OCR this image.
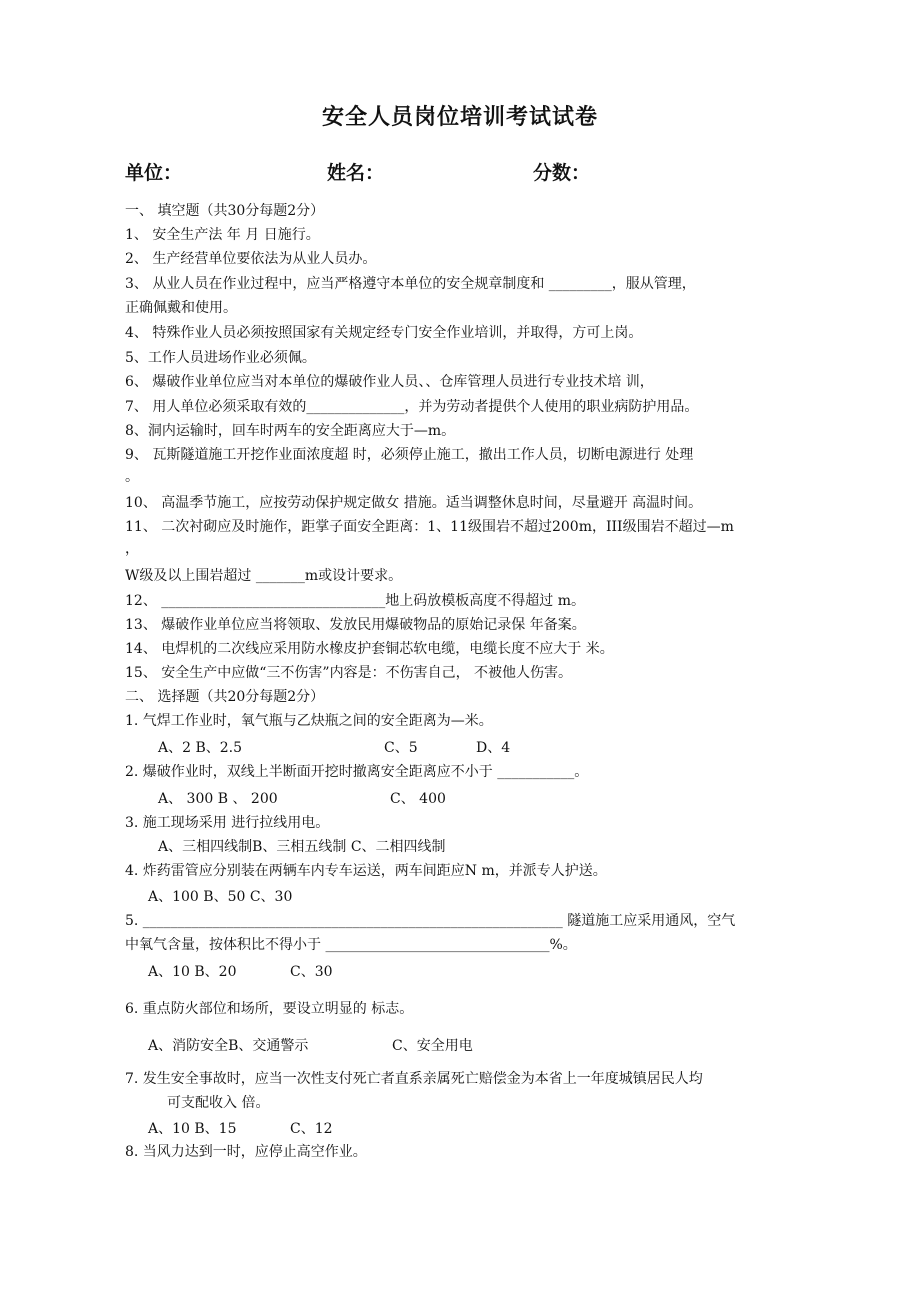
安全人员岗位培训考试试卷
单位：	姓名：	分数：
一、 填空题（共30分每题2分）
1、 安全生产法 年 月 日施行。
2、 生产经营单位要依法为从业人员办。
3、 从业人员在作业过程中，应当严格遵守本单位的安全规章制度和 _________，服从管理，
正确佩戴和使用。
4、 特殊作业人员必须按照国家有关规定经专门安全作业培训，并取得，方可上岗。
5、工作人员进场作业必须佩。
6、 爆破作业单位应当对本单位的爆破作业人员、、仓库管理人员进行专业技术培 训，
7、 用人单位必须采取有效的______________，并为劳动者提供个人使用的职业病防护用品。
8、洞内运输时，回车时两车的安全距离应大于—m。
9、 瓦斯隧道施工开挖作业面浓度超 时，必须停止施工，撤出工作人员，切断电源进行 处理
。
10、 高温季节施工，应按劳动保护规定做女 措施。适当调整休息时间，尽量避开 高温时间。
11、 二次衬砌应及时施作，距掌子面安全距离：1、11级围岩不超过200m，III级围岩不超过—m
，
W级及以上围岩超过 _______m或设计要求。
12、 ________________________________地上码放模板高度不得超过 m。
13、 爆破作业单位应当将领取、发放民用爆破物品的原始记录保 年备案。
14、 电焊机的二次线应采用防水橡皮护套铜芯软电缆，电缆长度不应大于 米。
15、 安全生产中应做“三不伤害”内容是：不伤害自己， 不被他人伤害。
二、 选择题（共20分每题2分）
1. 气焊工作业时，氧气瓶与乙炔瓶之间的安全距离为—米。
A、2 B、2.5	C、5	D、4
2. 爆破作业时，双线上半断面开挖时撤离安全距离应不小于 ___________。
A、 300 B 、 200	C、 400
3. 施工现场采用 进行拉线用电。
A、三相四线制B、三相五线制 C、二相四线制
4. 炸药雷管应分别装在两辆车内专车运送，两车间距应N m，并派专人护送。
A、100 B、50 C、30
5. ____________________________________________________________ 隧道施工应采用通风，空气
中氧气含量，按体积比不得小于 ________________________________%。
A、10 B、20	C、30
6. 重点防火部位和场所，要设立明显的 标志。
A、消防安全B、交通警示	C、安全用电
7. 发生安全事故时，应当一次性支付死亡者直系亲属死亡赔偿金为本省上一年度城镇居民人均
可支配收入 倍。
A、10 B、15	C、12
8. 当风力达到一时，应停止高空作业。
